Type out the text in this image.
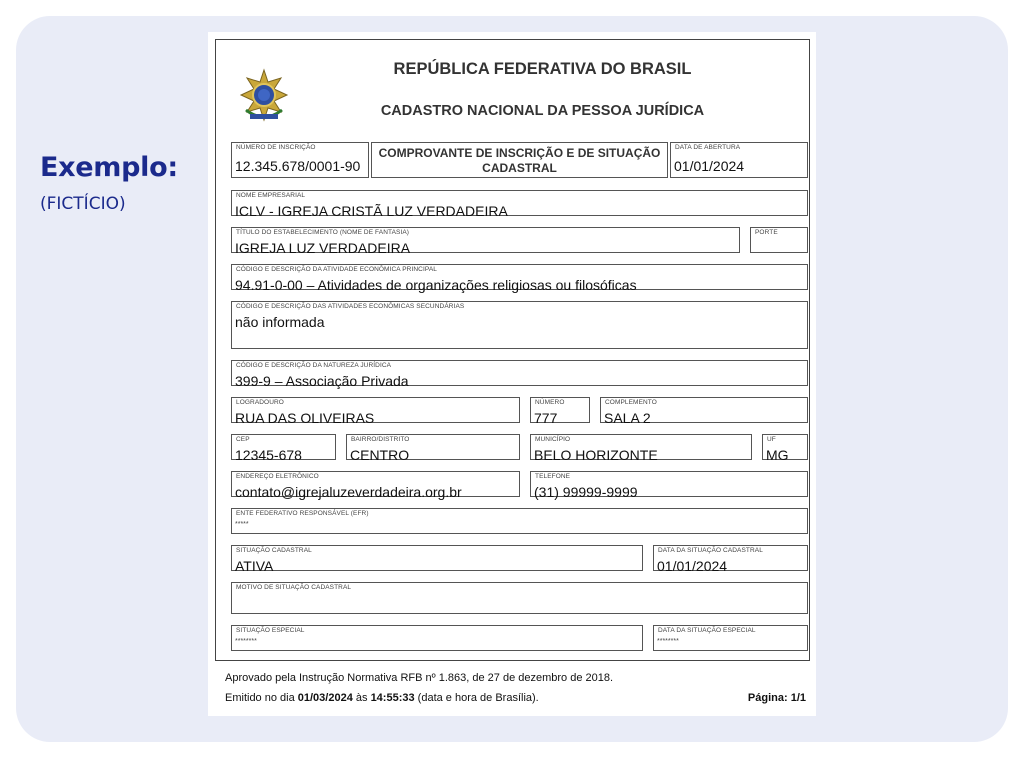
Exemplo:
(FICTÍCIO)
REPÚBLICA FEDERATIVA DO BRASIL
CADASTRO NACIONAL DA PESSOA JURÍDICA
NÚMERO DE INSCRIÇÃO
12.345.678/0001-90
COMPROVANTE DE INSCRIÇÃO E DE SITUAÇÃO
CADASTRAL
DATA DE ABERTURA
01/01/2024
NOME EMPRESARIAL
ICLV - IGREJA CRISTÃ LUZ VERDADEIRA
TÍTULO DO ESTABELECIMENTO (NOME DE FANTASIA)
IGREJA LUZ VERDADEIRA
PORTE
CÓDIGO E DESCRIÇÃO DA ATIVIDADE ECONÔMICA PRINCIPAL
94.91-0-00 – Atividades de organizações religiosas ou filosóficas
CÓDIGO E DESCRIÇÃO DAS ATIVIDADES ECONÔMICAS SECUNDÁRIAS
não informada
CÓDIGO E DESCRIÇÃO DA NATUREZA JURÍDICA
399-9 – Associação Privada
LOGRADOURO
RUA DAS OLIVEIRAS
NÚMERO
777
COMPLEMENTO
SALA 2
CEP
12345-678
BAIRRO/DISTRITO
CENTRO
MUNICÍPIO
BELO HORIZONTE
UF
MG
ENDEREÇO ELETRÔNICO
contato@igrejaluzeverdadeira.org.br
TELEFONE
(31) 99999-9999
ENTE FEDERATIVO RESPONSÁVEL (EFR)
*****
SITUAÇÃO CADASTRAL
ATIVA
DATA DA SITUAÇÃO CADASTRAL
01/01/2024
MOTIVO DE SITUAÇÃO CADASTRAL
SITUAÇÃO ESPECIAL
********
DATA DA SITUAÇÃO ESPECIAL
********
Aprovado pela Instrução Normativa RFB nº 1.863, de 27 de dezembro de 2018.
Emitido no dia 01/03/2024 às 14:55:33 (data e hora de Brasília).	Página: 1/1
